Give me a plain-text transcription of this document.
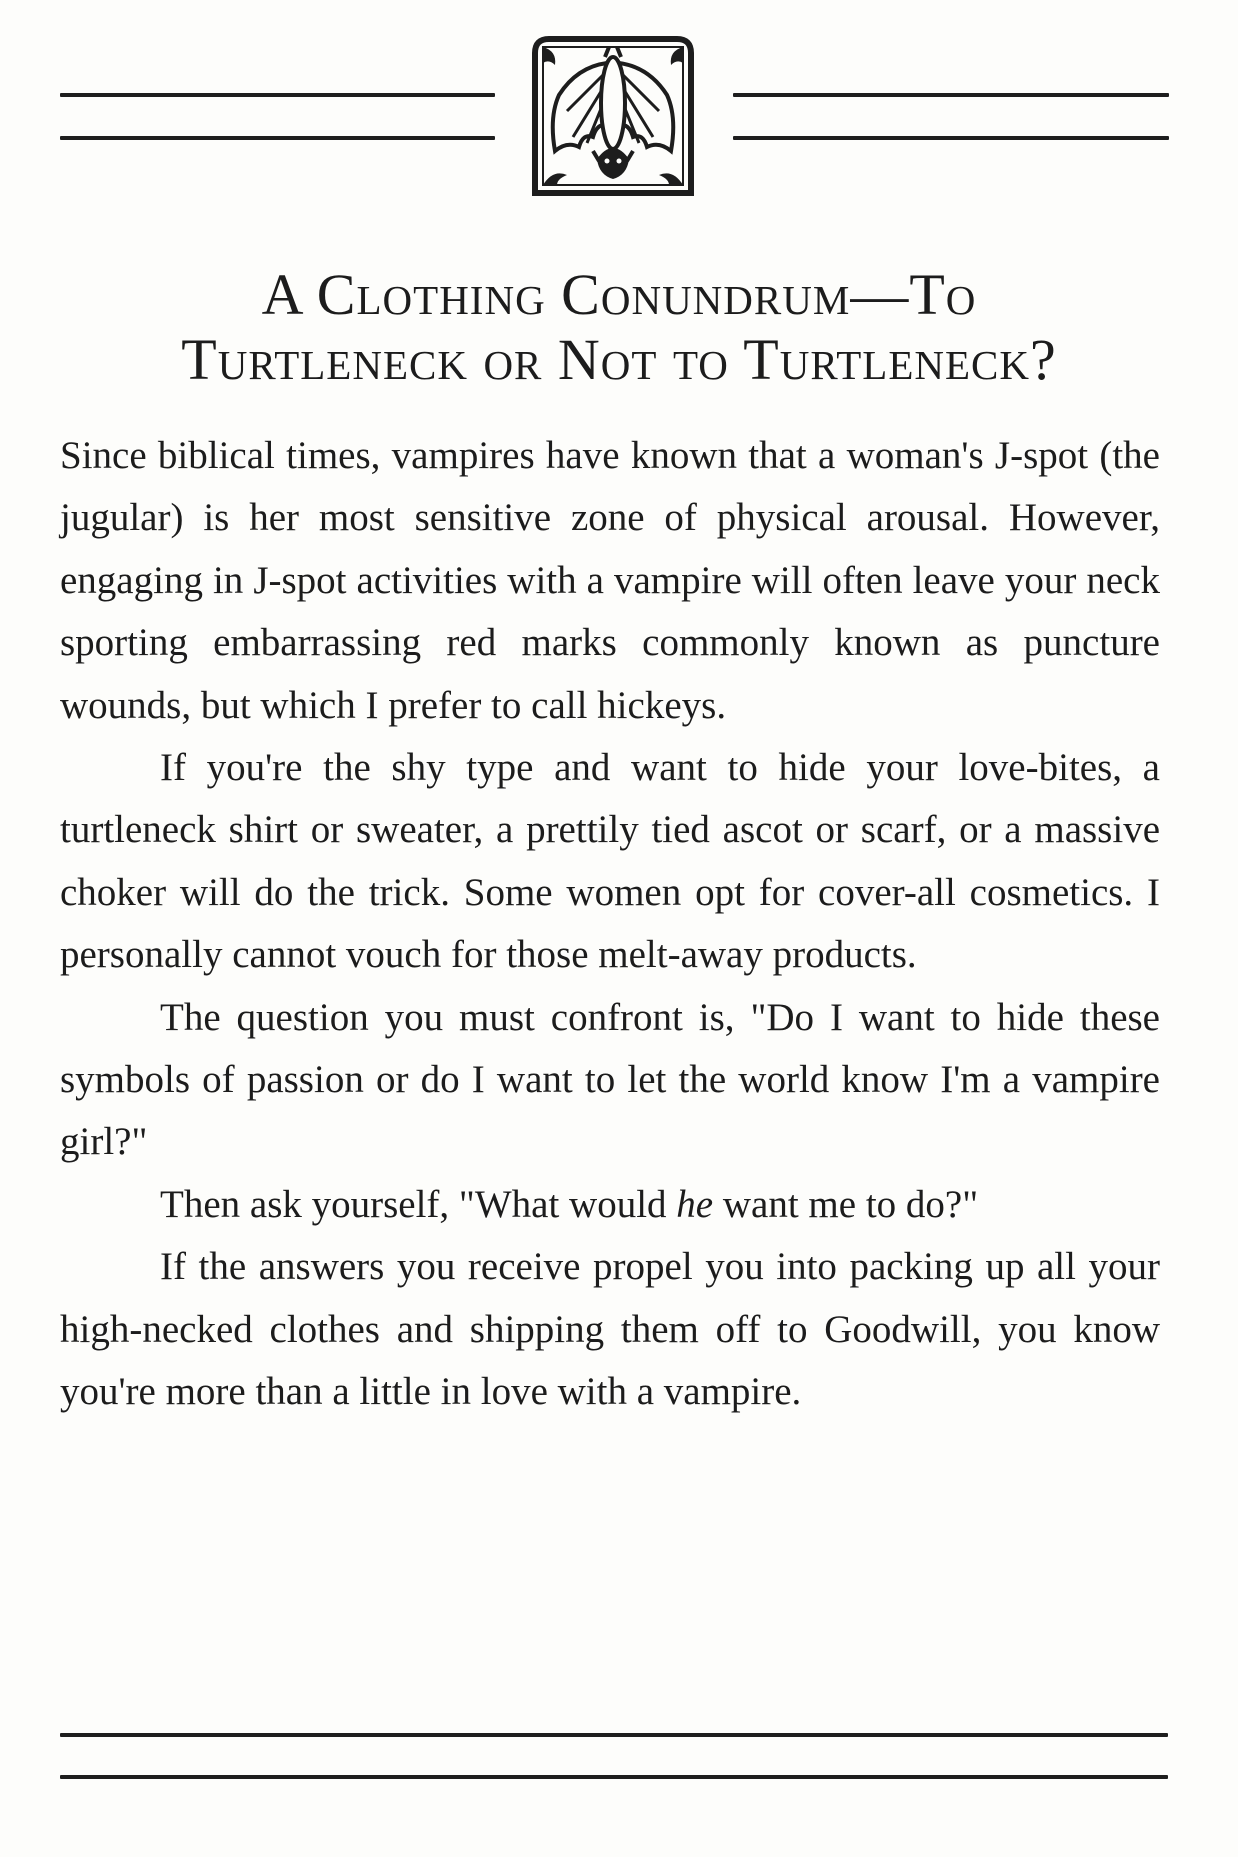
A Clothing Conundrum—To
Turtleneck or Not to Turtleneck?

Since biblical times, vampires have known that a woman's J-spot (the jugular) is her most sensitive zone of physical arousal. However, engaging in J-spot activities with a vampire will often leave your neck sporting embarrassing red marks commonly known as puncture wounds, but which I prefer to call hickeys.

If you're the shy type and want to hide your love-bites, a turtleneck shirt or sweater, a prettily tied ascot or scarf, or a massive choker will do the trick. Some women opt for cover-all cosmetics. I personally cannot vouch for those melt-away products.

The question you must confront is, "Do I want to hide these symbols of passion or do I want to let the world know I'm a vampire girl?"

Then ask yourself, "What would he want me to do?"

If the answers you receive propel you into packing up all your high-necked clothes and shipping them off to Goodwill, you know you're more than a little in love with a vampire.
